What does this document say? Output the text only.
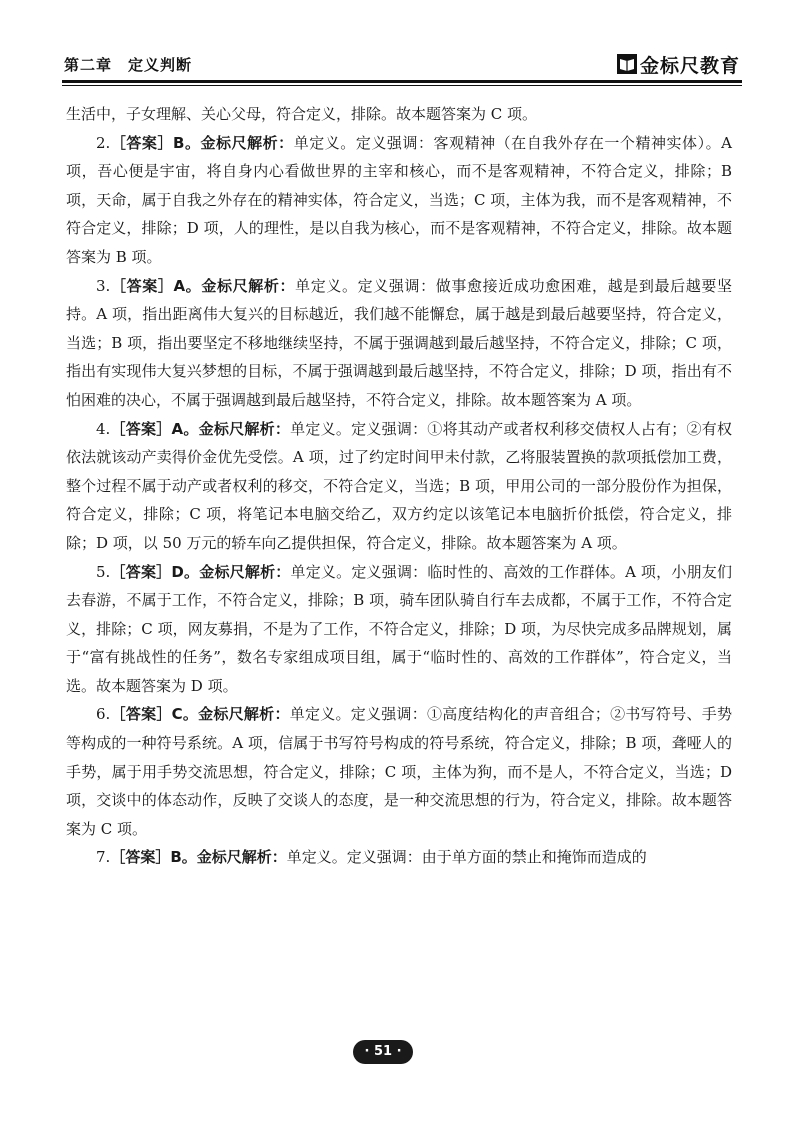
第二章　定义判断	金标尺教育

生活中，子女理解、关心父母，符合定义，排除。故本题答案为 C 项。

2.［答案］B。金标尺解析：单定义。定义强调：客观精神（在自我外存在一个精神实体）。A 项，吾心便是宇宙，将自身内心看做世界的主宰和核心，而不是客观精神，不符合定义，排除；B 项，天命，属于自我之外存在的精神实体，符合定义，当选；C 项，主体为我，而不是客观精神，不符合定义，排除；D 项，人的理性，是以自我为核心，而不是客观精神，不符合定义，排除。故本题答案为 B 项。

3.［答案］A。金标尺解析：单定义。定义强调：做事愈接近成功愈困难，越是到最后越要坚持。A 项，指出距离伟大复兴的目标越近，我们越不能懈怠，属于越是到最后越要坚持，符合定义，当选；B 项，指出要坚定不移地继续坚持，不属于强调越到最后越坚持，不符合定义，排除；C 项，指出有实现伟大复兴梦想的目标，不属于强调越到最后越坚持，不符合定义，排除；D 项，指出有不怕困难的决心，不属于强调越到最后越坚持，不符合定义，排除。故本题答案为 A 项。

4.［答案］A。金标尺解析：单定义。定义强调：①将其动产或者权利移交债权人占有；②有权依法就该动产卖得价金优先受偿。A 项，过了约定时间甲未付款，乙将服装置换的款项抵偿加工费，整个过程不属于动产或者权利的移交，不符合定义，当选；B 项，甲用公司的一部分股份作为担保，符合定义，排除；C 项，将笔记本电脑交给乙，双方约定以该笔记本电脑折价抵偿，符合定义，排除；D 项，以 50 万元的轿车向乙提供担保，符合定义，排除。故本题答案为 A 项。

5.［答案］D。金标尺解析：单定义。定义强调：临时性的、高效的工作群体。A 项，小朋友们去春游，不属于工作，不符合定义，排除；B 项，骑车团队骑自行车去成都，不属于工作，不符合定义，排除；C 项，网友募捐，不是为了工作，不符合定义，排除；D 项，为尽快完成多品牌规划，属于“富有挑战性的任务”，数名专家组成项目组，属于“临时性的、高效的工作群体”，符合定义，当选。故本题答案为 D 项。

6.［答案］C。金标尺解析：单定义。定义强调：①高度结构化的声音组合；②书写符号、手势等构成的一种符号系统。A 项，信属于书写符号构成的符号系统，符合定义，排除；B 项，聋哑人的手势，属于用手势交流思想，符合定义，排除；C 项，主体为狗，而不是人，不符合定义，当选；D 项，交谈中的体态动作，反映了交谈人的态度，是一种交流思想的行为，符合定义，排除。故本题答案为 C 项。

7.［答案］B。金标尺解析：单定义。定义强调：由于单方面的禁止和掩饰而造成的

· 51 ·
